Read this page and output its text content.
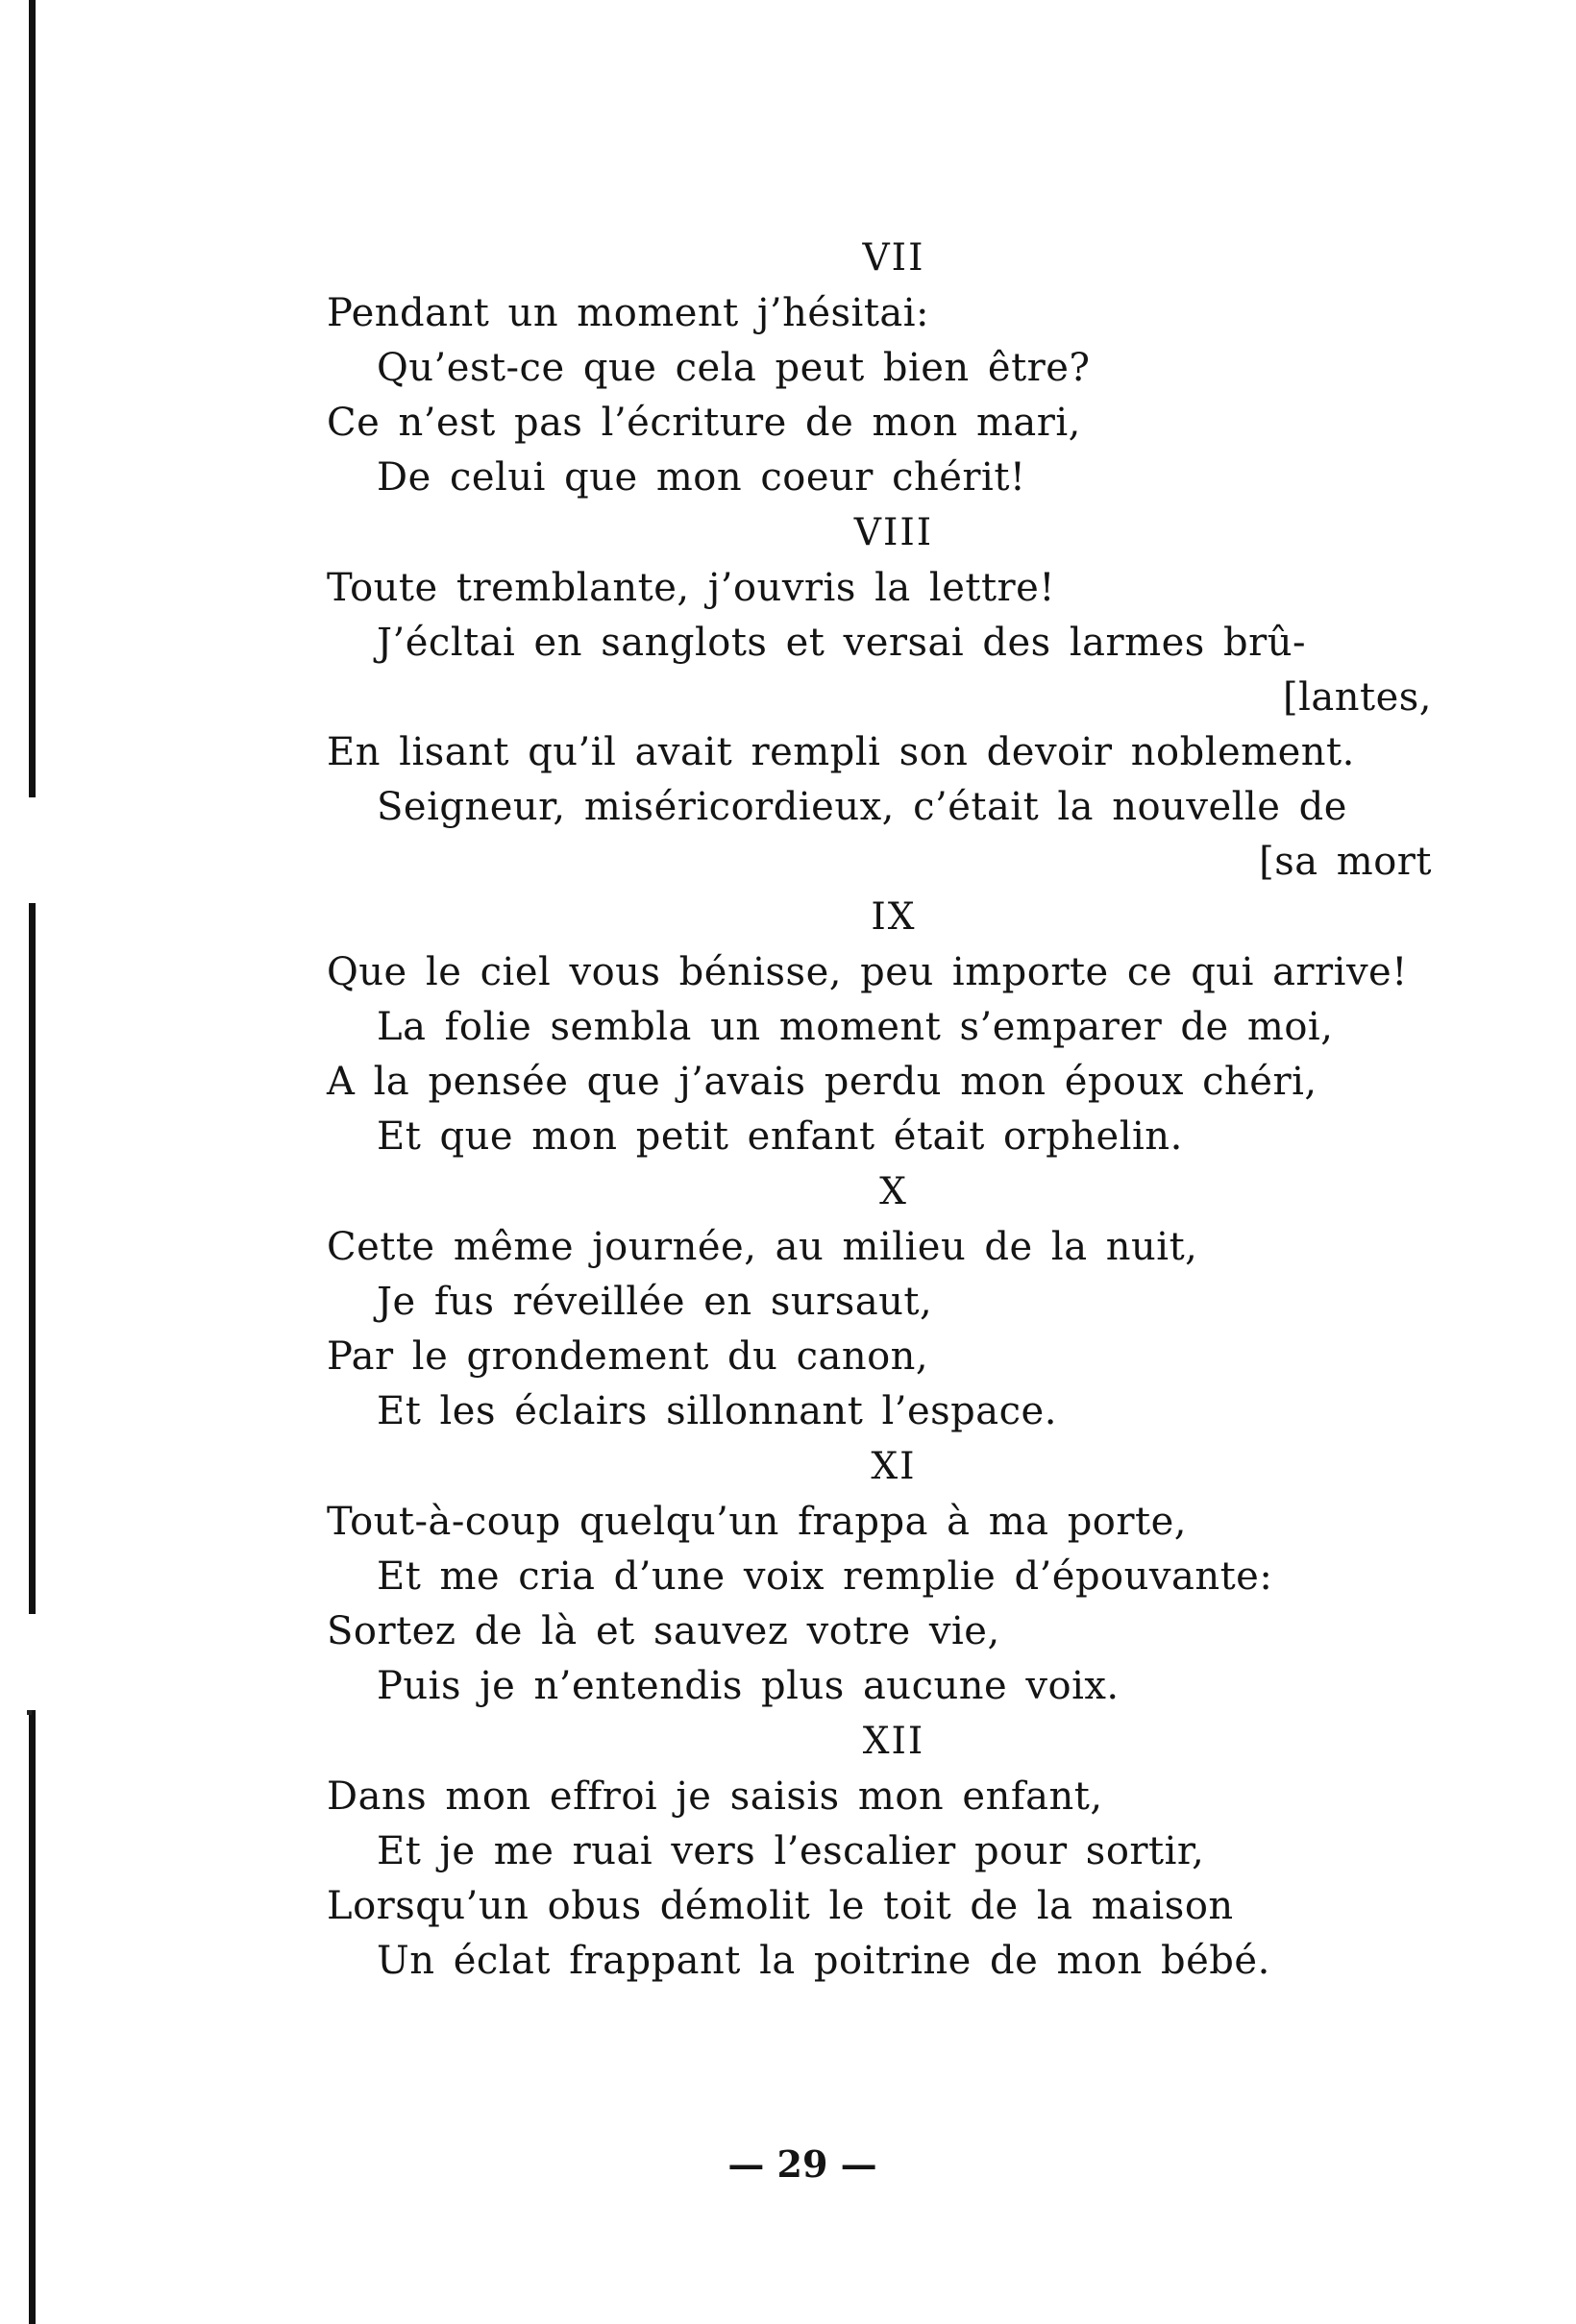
VII
Pendant un moment j’hésitai:
Qu’est-ce que cela peut bien être?
Ce n’est pas l’écriture de mon mari,
De celui que mon coeur chérit!
VIII
Toute tremblante, j’ouvris la lettre!
J’écltai en sanglots et versai des larmes brû-
[lantes,
En lisant qu’il avait rempli son devoir noblement.
Seigneur, miséricordieux, c’était la nouvelle de
[sa mort
IX
Que le ciel vous bénisse, peu importe ce qui arrive!
La folie sembla un moment s’emparer de moi,
A la pensée que j’avais perdu mon époux chéri,
Et que mon petit enfant était orphelin.
X
Cette même journée, au milieu de la nuit,
Je fus réveillée en sursaut,
Par le grondement du canon,
Et les éclairs sillonnant l’espace.
XI
Tout-à-coup quelqu’un frappa à ma porte,
Et me cria d’une voix remplie d’épouvante:
Sortez de là et sauvez votre vie,
Puis je n’entendis plus aucune voix.
XII
Dans mon effroi je saisis mon enfant,
Et je me ruai vers l’escalier pour sortir,
Lorsqu’un obus démolit le toit de la maison
Un éclat frappant la poitrine de mon bébé.
— 29 —
